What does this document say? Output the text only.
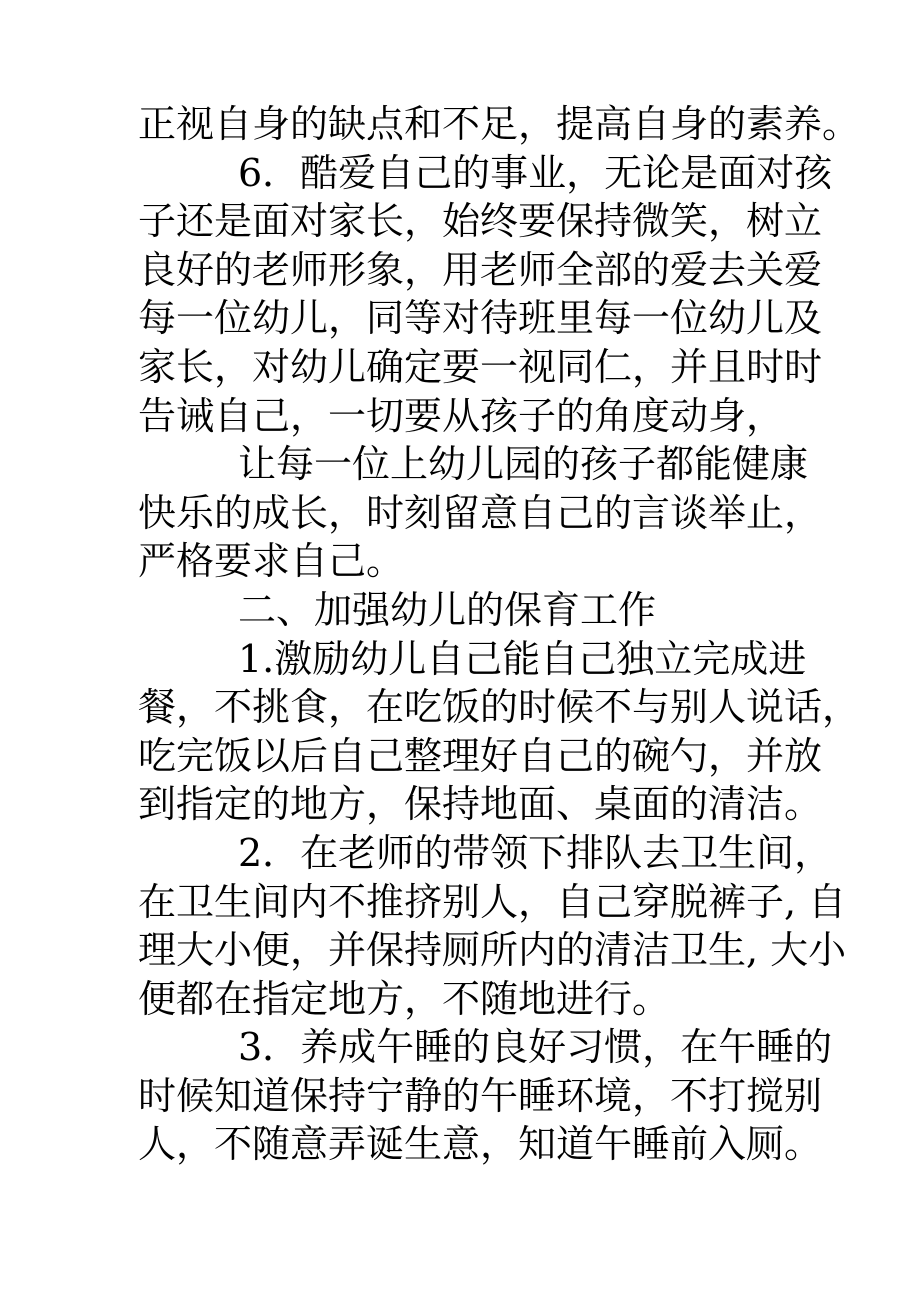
正视自身的缺点和不足，提高自身的素养。
6．酷爱自己的事业，无论是面对孩
子还是面对家长，始终要保持微笑，树立
良好的老师形象，用老师全部的爱去关爱
每一位幼儿，同等对待班里每一位幼儿及
家长，对幼儿确定要一视同仁，并且时时
告诫自己，一切要从孩子的角度动身，
让每一位上幼儿园的孩子都能健康
快乐的成长，时刻留意自己的言谈举止，
严格要求自己。
二、加强幼儿的保育工作
1.激励幼儿自己能自己独立完成进
餐，不挑食，在吃饭的时候不与别人说话，
吃完饭以后自己整理好自己的碗勺，并放
到指定的地方，保持地面、桌面的清洁。
2．在老师的带领下排队去卫生间，
在卫生间内不推挤别人，自己穿脱裤子, 自
理大小便，并保持厕所内的清洁卫生, 大小
便都在指定地方，不随地进行。
3．养成午睡的良好习惯，在午睡的
时候知道保持宁静的午睡环境，不打搅别
人，不随意弄诞生意，知道午睡前入厕。
